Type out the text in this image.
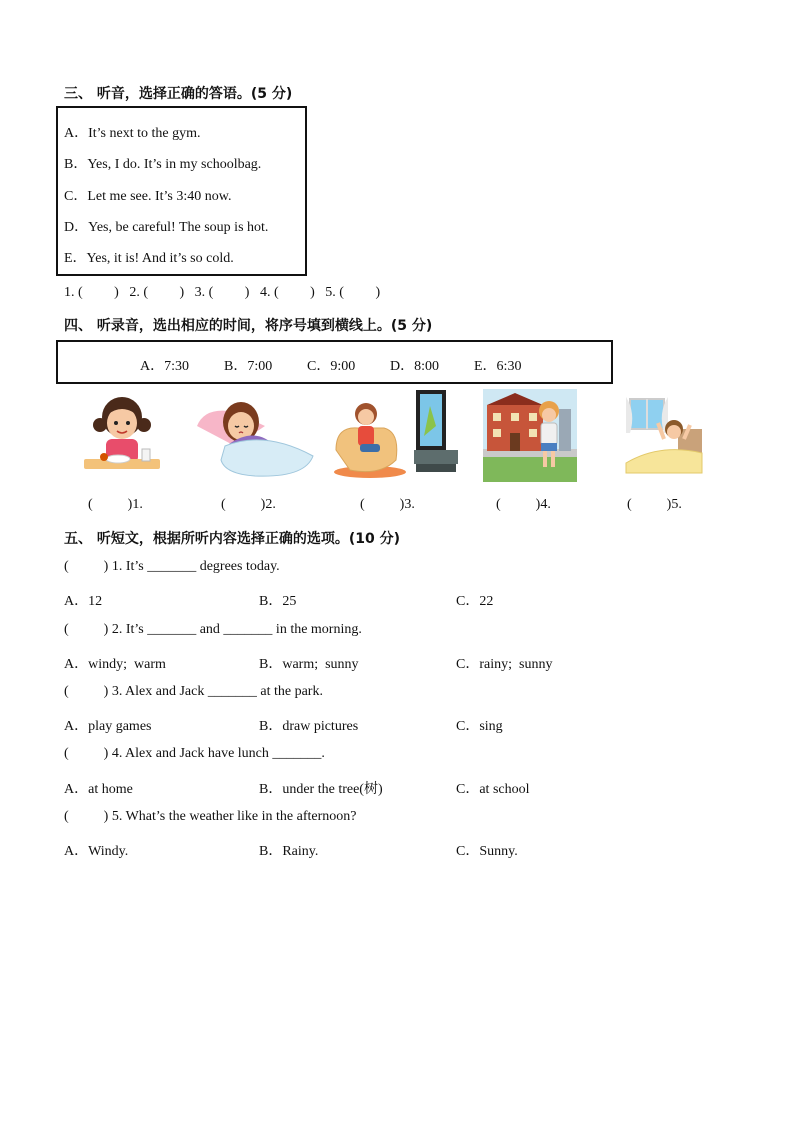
三、 听音，选择正确的答语。(5 分)
A．It’s next to the gym.
B．Yes, I do. It’s in my schoolbag.
C．Let me see. It’s 3:40 now.
D．Yes, be careful! The soup is hot.
E．Yes, it is! And it’s so cold.
1. (         )   2. (         )   3. (         )   4. (         )   5. (         )
四、 听录音，选出相应的时间，将序号填到横线上。(5 分)
A．7:30	B．7:00 C．9:00 D．8:00	E．6:30
(          )1.	(          )2.	(          )3.	(          )4.	(          )5.
五、 听短文，根据所听内容选择正确的选项。(10 分)
(          ) 1. It’s _______ degrees today.
A．12	B．25	C．22
(          ) 2. It’s _______ and _______ in the morning.
A．windy;  warm	B．warm;  sunny	C．rainy;  sunny
(          ) 3. Alex and Jack _______ at the park.
A．play games	B．draw pictures	C．sing
(          ) 4. Alex and Jack have lunch _______.
A．at home	B．under the tree(树)	C．at school
(          ) 5. What’s the weather like in the afternoon?
A．Windy.	B．Rainy.	C．Sunny.
